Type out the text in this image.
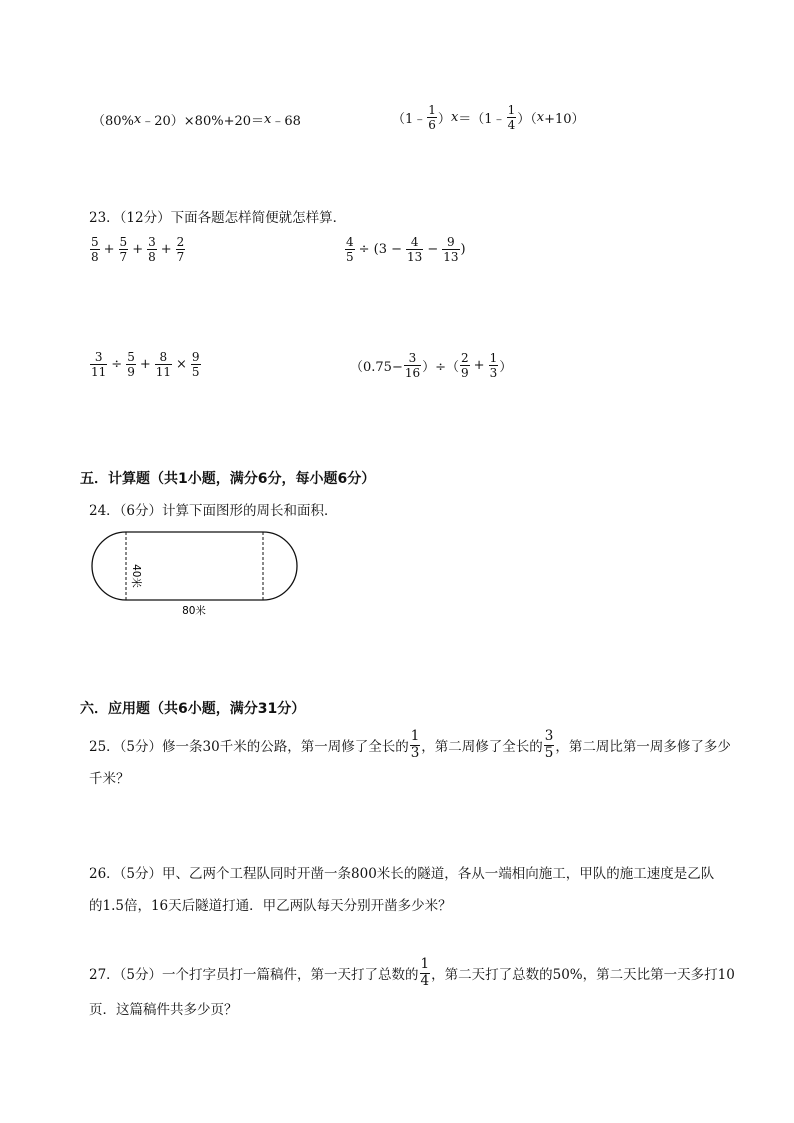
（80% x ﹣20）×80%+20＝ x ﹣68	（1﹣
1
6 ） x ＝（1﹣
1
4 ）（ x +10）
23．（12分）下面各题怎样简便就怎样算．
5
$8 + \frac{5}{7} + \frac{3}{8} + \frac{2}{7}$	$\frac{4}{5} \div (3 - \frac{4}{13} - \frac{9}{13}$ )
$\frac{3}{11} \div \frac{5}{9} + \frac{8}{11} \times \frac{9}{5}$	（$0.75- \frac{3}{16}$ ）÷（
2
$9 + \frac{1}{3}$ ）
五．计算题（共1小题，满分6分，每小题6分）
24．（6分）计算下面图形的周长和面积．
40米
80米
六．应用题（共6小题，满分31分）
25．（5分）修一条30千米的公路，第一周修了全长的
1
3 ，第二周修了全长的
3
5 ，第二周比第一周多修了多少
千米？
26．（5分）甲、乙两个工程队同时开凿一条800米长的隧道，各从一端相向施工，甲队的施工速度是乙队
的1.5倍，16天后隧道打通．甲乙两队每天分别开凿多少米？
27．（5分）一个打字员打一篇稿件，第一天打了总数的
1
4 ，第二天打了总数的50%，第二天比第一天多打10
页．这篇稿件共多少页？
